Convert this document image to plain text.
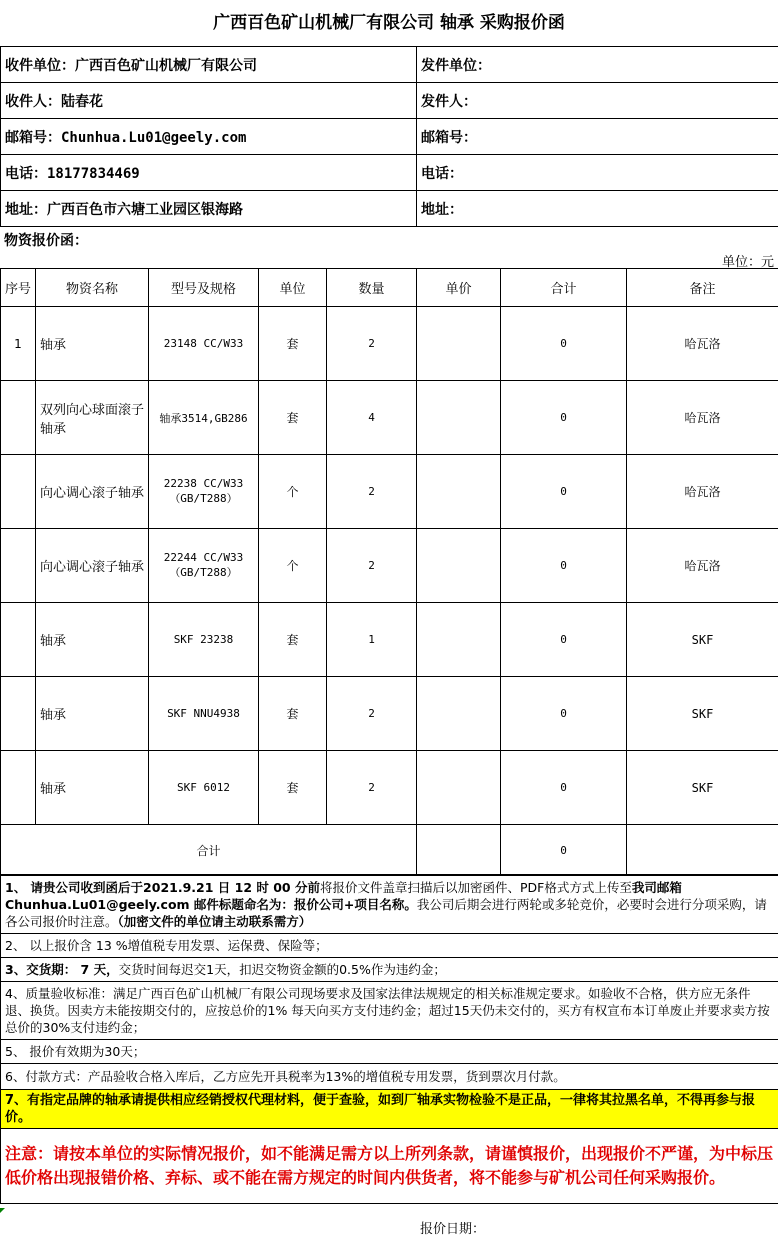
广西百色矿山机械厂有限公司 轴承 采购报价函
收件单位：广西百色矿山机械厂有限公司	发件单位：
收件人：陆春花	发件人：
邮箱号：Chunhua.Lu01@geely.com	邮箱号：
电话：18177834469	电话：
地址：广西百色市六塘工业园区银海路	地址：
物资报价函：
单位：元
序号	物资名称	型号及规格	单位	数量	单价	合计	备注
1	轴承	23148 CC/W33	套	2		0	哈瓦洛
	双列向心球面滚子轴承	轴承3514,GB286	套	4		0	哈瓦洛
	向心调心滚子轴承	22238 CC/W33 （GB/T288）	个	2		0	哈瓦洛
	向心调心滚子轴承	22244 CC/W33 （GB/T288）	个	2		0	哈瓦洛
	轴承	SKF 23238	套	1		0	SKF
	轴承	SKF NNU4938	套	2		0	SKF
	轴承	SKF 6012	套	2		0	SKF
合计						0	
1、 请贵公司收到函后于2021.9.21 日 12 时 00 分前将报价文件盖章扫描后以加密函件、PDF格式方式上传至我司邮箱Chunhua.Lu01@geely.com 邮件标题命名为：报价公司+项目名称。我公司后期会进行两轮或多轮竞价，必要时会进行分项采购，请各公司报价时注意。（加密文件的单位请主动联系需方）
2、 以上报价含 13 %增值税专用发票、运保费、保险等；
3、交货期： 7 天，交货时间每迟交1天，扣迟交物资金额的0.5%作为违约金；
4、质量验收标准：满足广西百色矿山机械厂有限公司现场要求及国家法律法规规定的相关标准规定要求。如验收不合格，供方应无条件退、换货。因卖方未能按期交付的，应按总价的1% 每天向买方支付违约金；超过15天仍未交付的，买方有权宣布本订单废止并要求卖方按总价的30%支付违约金；
5、 报价有效期为30天；
6、付款方式：产品验收合格入库后，乙方应先开具税率为13%的增值税专用发票，货到票次月付款。
7、有指定品牌的轴承请提供相应经销授权代理材料，便于查验，如到厂轴承实物检验不是正品，一律将其拉黑名单，不得再参与报价。
注意：请按本单位的实际情况报价，如不能满足需方以上所列条款，请谨慎报价，出现报价不严谨，为中标压低价格出现报错价格、弃标、或不能在需方规定的时间内供货者，将不能参与矿机公司任何采购报价。
报价日期：
